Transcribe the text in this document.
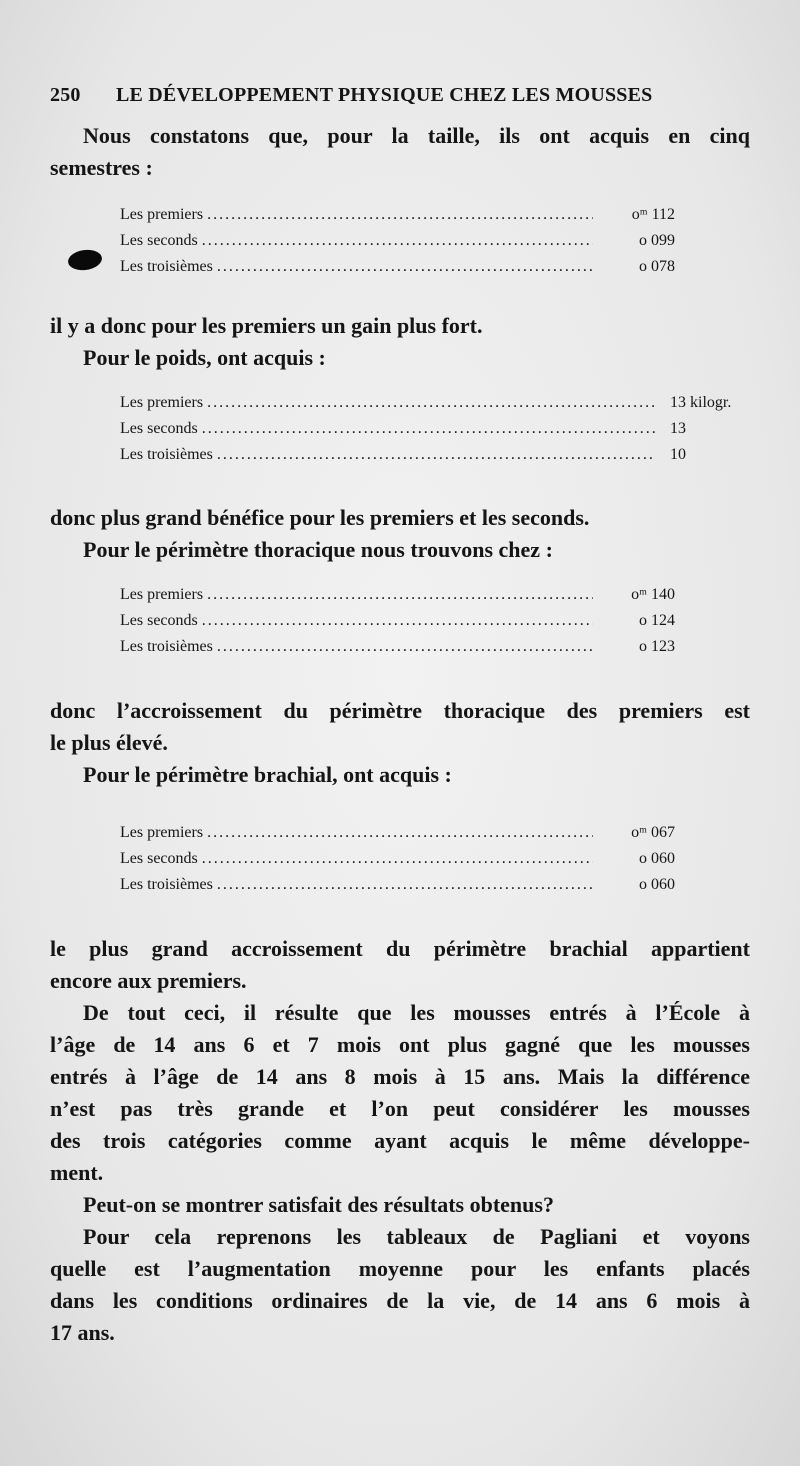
250 LE DÉVELOPPEMENT PHYSIQUE CHEZ LES MOUSSES
Nous constatons que, pour la taille, ils ont acquis en cinq
semestres :
Les premiers .....	oᵐ 112
Les seconds .....	o 099
Les troisièmes .....	o 078
il y a donc pour les premiers un gain plus fort.
Pour le poids, ont acquis :
Les premiers .....	13 kilogr.
Les seconds .....	13
Les troisièmes .....	10
donc plus grand bénéfice pour les premiers et les seconds.
Pour le périmètre thoracique nous trouvons chez :
Les premiers .....	oᵐ 140
Les seconds .....	o 124
Les troisièmes .....	o 123
donc l’accroissement du périmètre thoracique des premiers est
le plus élevé.
Pour le périmètre brachial, ont acquis :
Les premiers .....	oᵐ 067
Les seconds .....	o 060
Les troisièmes .....	o 060
le plus grand accroissement du périmètre brachial appartient
encore aux premiers.
De tout ceci, il résulte que les mousses entrés à l’École à
l’âge de 14 ans 6 et 7 mois ont plus gagné que les mousses
entrés à l’âge de 14 ans 8 mois à 15 ans. Mais la différence
n’est pas très grande et l’on peut considérer les mousses
des trois catégories comme ayant acquis le même développe-
ment.
Peut-on se montrer satisfait des résultats obtenus?
Pour cela reprenons les tableaux de Pagliani et voyons
quelle est l’augmentation moyenne pour les enfants placés
dans les conditions ordinaires de la vie, de 14 ans 6 mois à
17 ans.
